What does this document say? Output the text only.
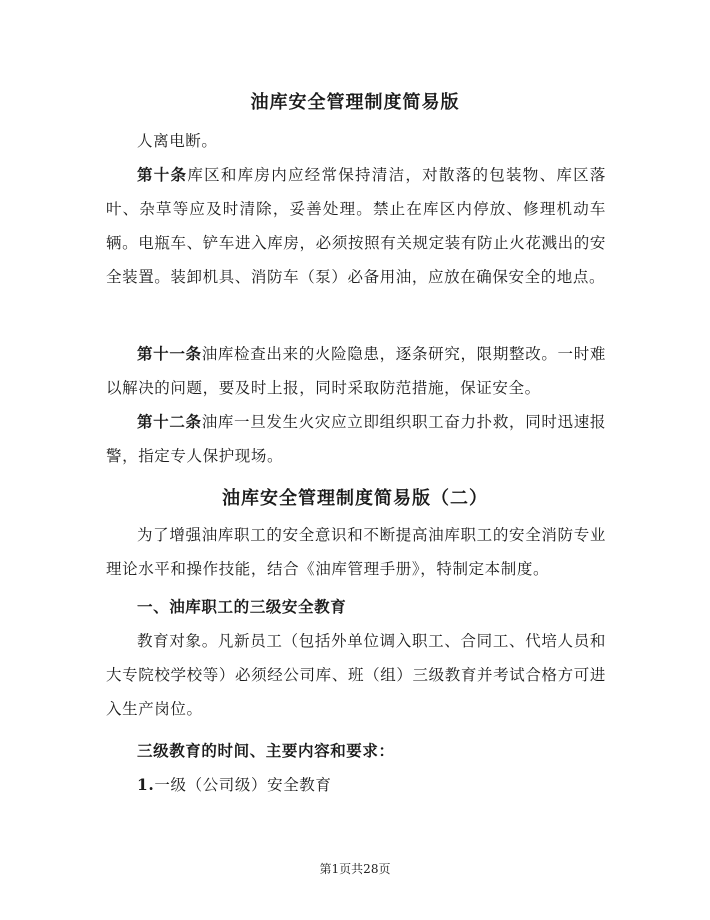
油库安全管理制度简易版
人离电断。
第十条库区和库房内应经常保持清洁，对散落的包装物、库区落叶、杂草等应及时清除，妥善处理。禁止在库区内停放、修理机动车辆。电瓶车、铲车进入库房，必须按照有关规定装有防止火花溅出的安全装置。装卸机具、消防车（泵）必备用油，应放在确保安全的地点。
第十一条油库检查出来的火险隐患，逐条研究，限期整改。一时难以解决的问题，要及时上报，同时采取防范措施，保证安全。
第十二条油库一旦发生火灾应立即组织职工奋力扑救，同时迅速报警，指定专人保护现场。
油库安全管理制度简易版（二）
为了增强油库职工的安全意识和不断提高油库职工的安全消防专业理论水平和操作技能，结合《油库管理手册》，特制定本制度。
一、油库职工的三级安全教育
教育对象。凡新员工（包括外单位调入职工、合同工、代培人员和大专院校学校等）必须经公司库、班（组）三级教育并考试合格方可进入生产岗位。
三级教育的时间、主要内容和要求：
1.一级（公司级）安全教育
第1页共28页
